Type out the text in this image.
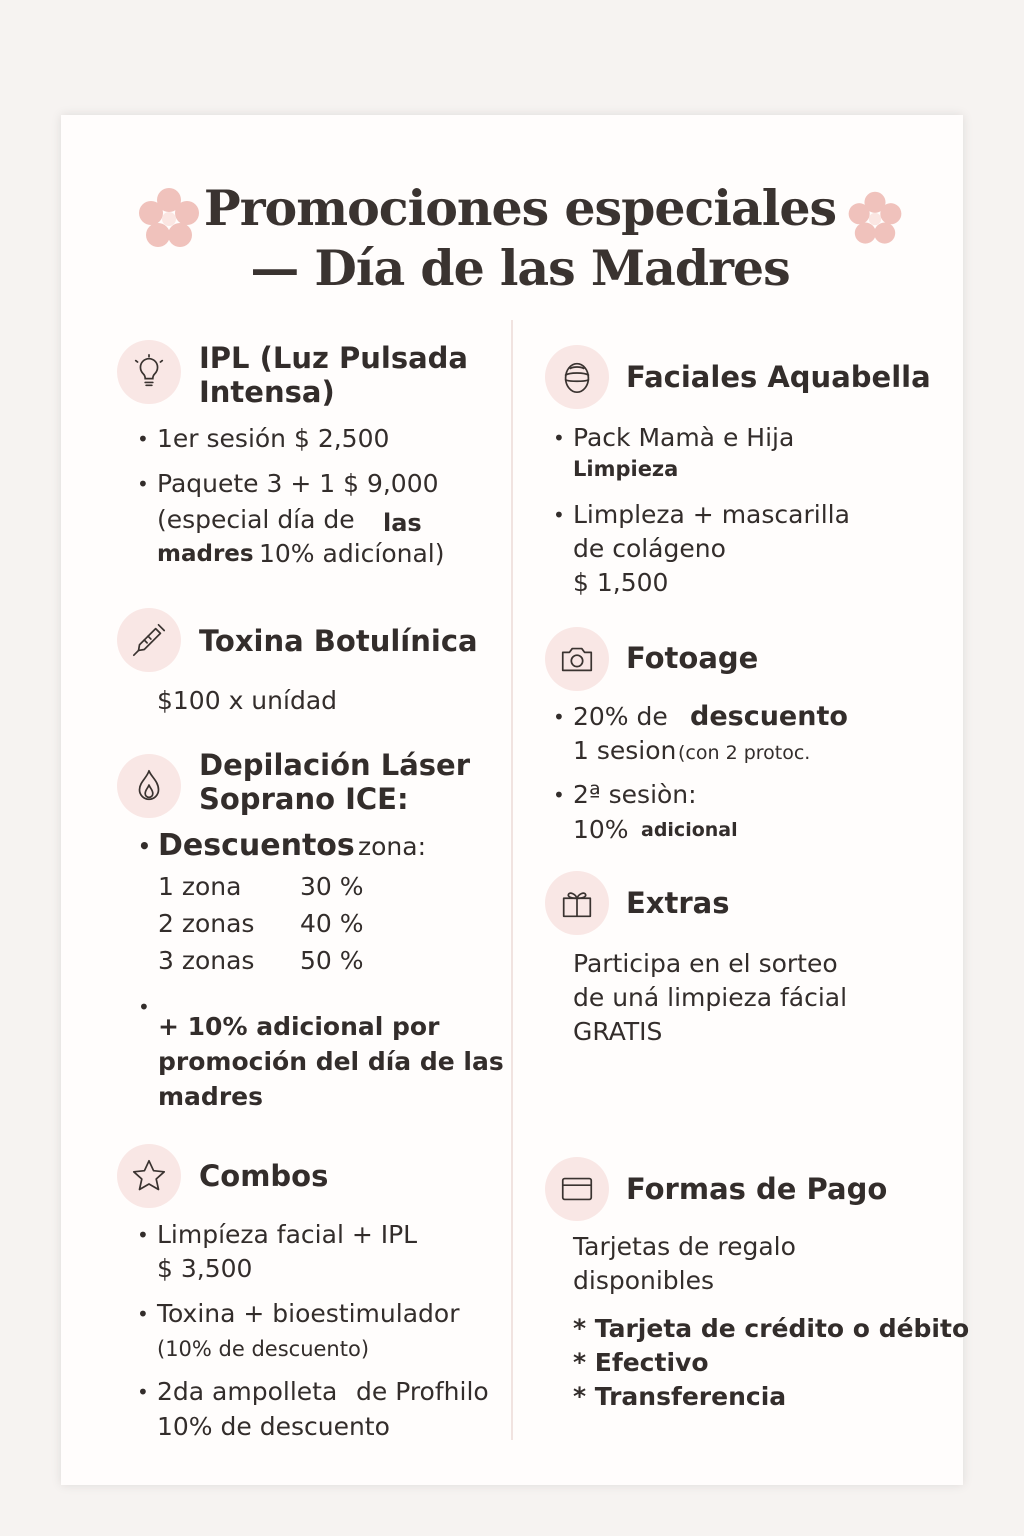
Promociones especiales
— Día de las Madres
IPL (Luz Pulsada
Intensa)
• 1er sesión $ 2,500
• Paquete 3 + 1 $ 9,000
(especial día de las
madres 10% adicíonal)
Toxina Botulínica
$100 x unídad
Depilación Láser
Soprano ICE:
• Descuentos zona:
1 zona 30 %
2 zonas 40 %
3 zonas 50 %
+ 10% adicional por
promoción del día de las
madres
Combos
• Limpíeza facial + IPL
$ 3,500
• Toxina + bioestimulador
(10% de descuento)
• 2da ampolleta de Profhilo
10% de descuento
Faciales Aquabella
• Pack Mamà e Hija
Limpieza
• Limpleza + mascarilla
de colágeno
$ 1,500
Fotoage
• 20% de descuento
1 sesion (con 2 protoc.
• 2ª sesiòn:
10% adicional
Extras
Participa en el sorteo
de uná limpieza fácial
GRATIS
Formas de Pago
Tarjetas de regalo
disponibles
* Tarjeta de crédito o débito
* Efectivo
* Transferencia
